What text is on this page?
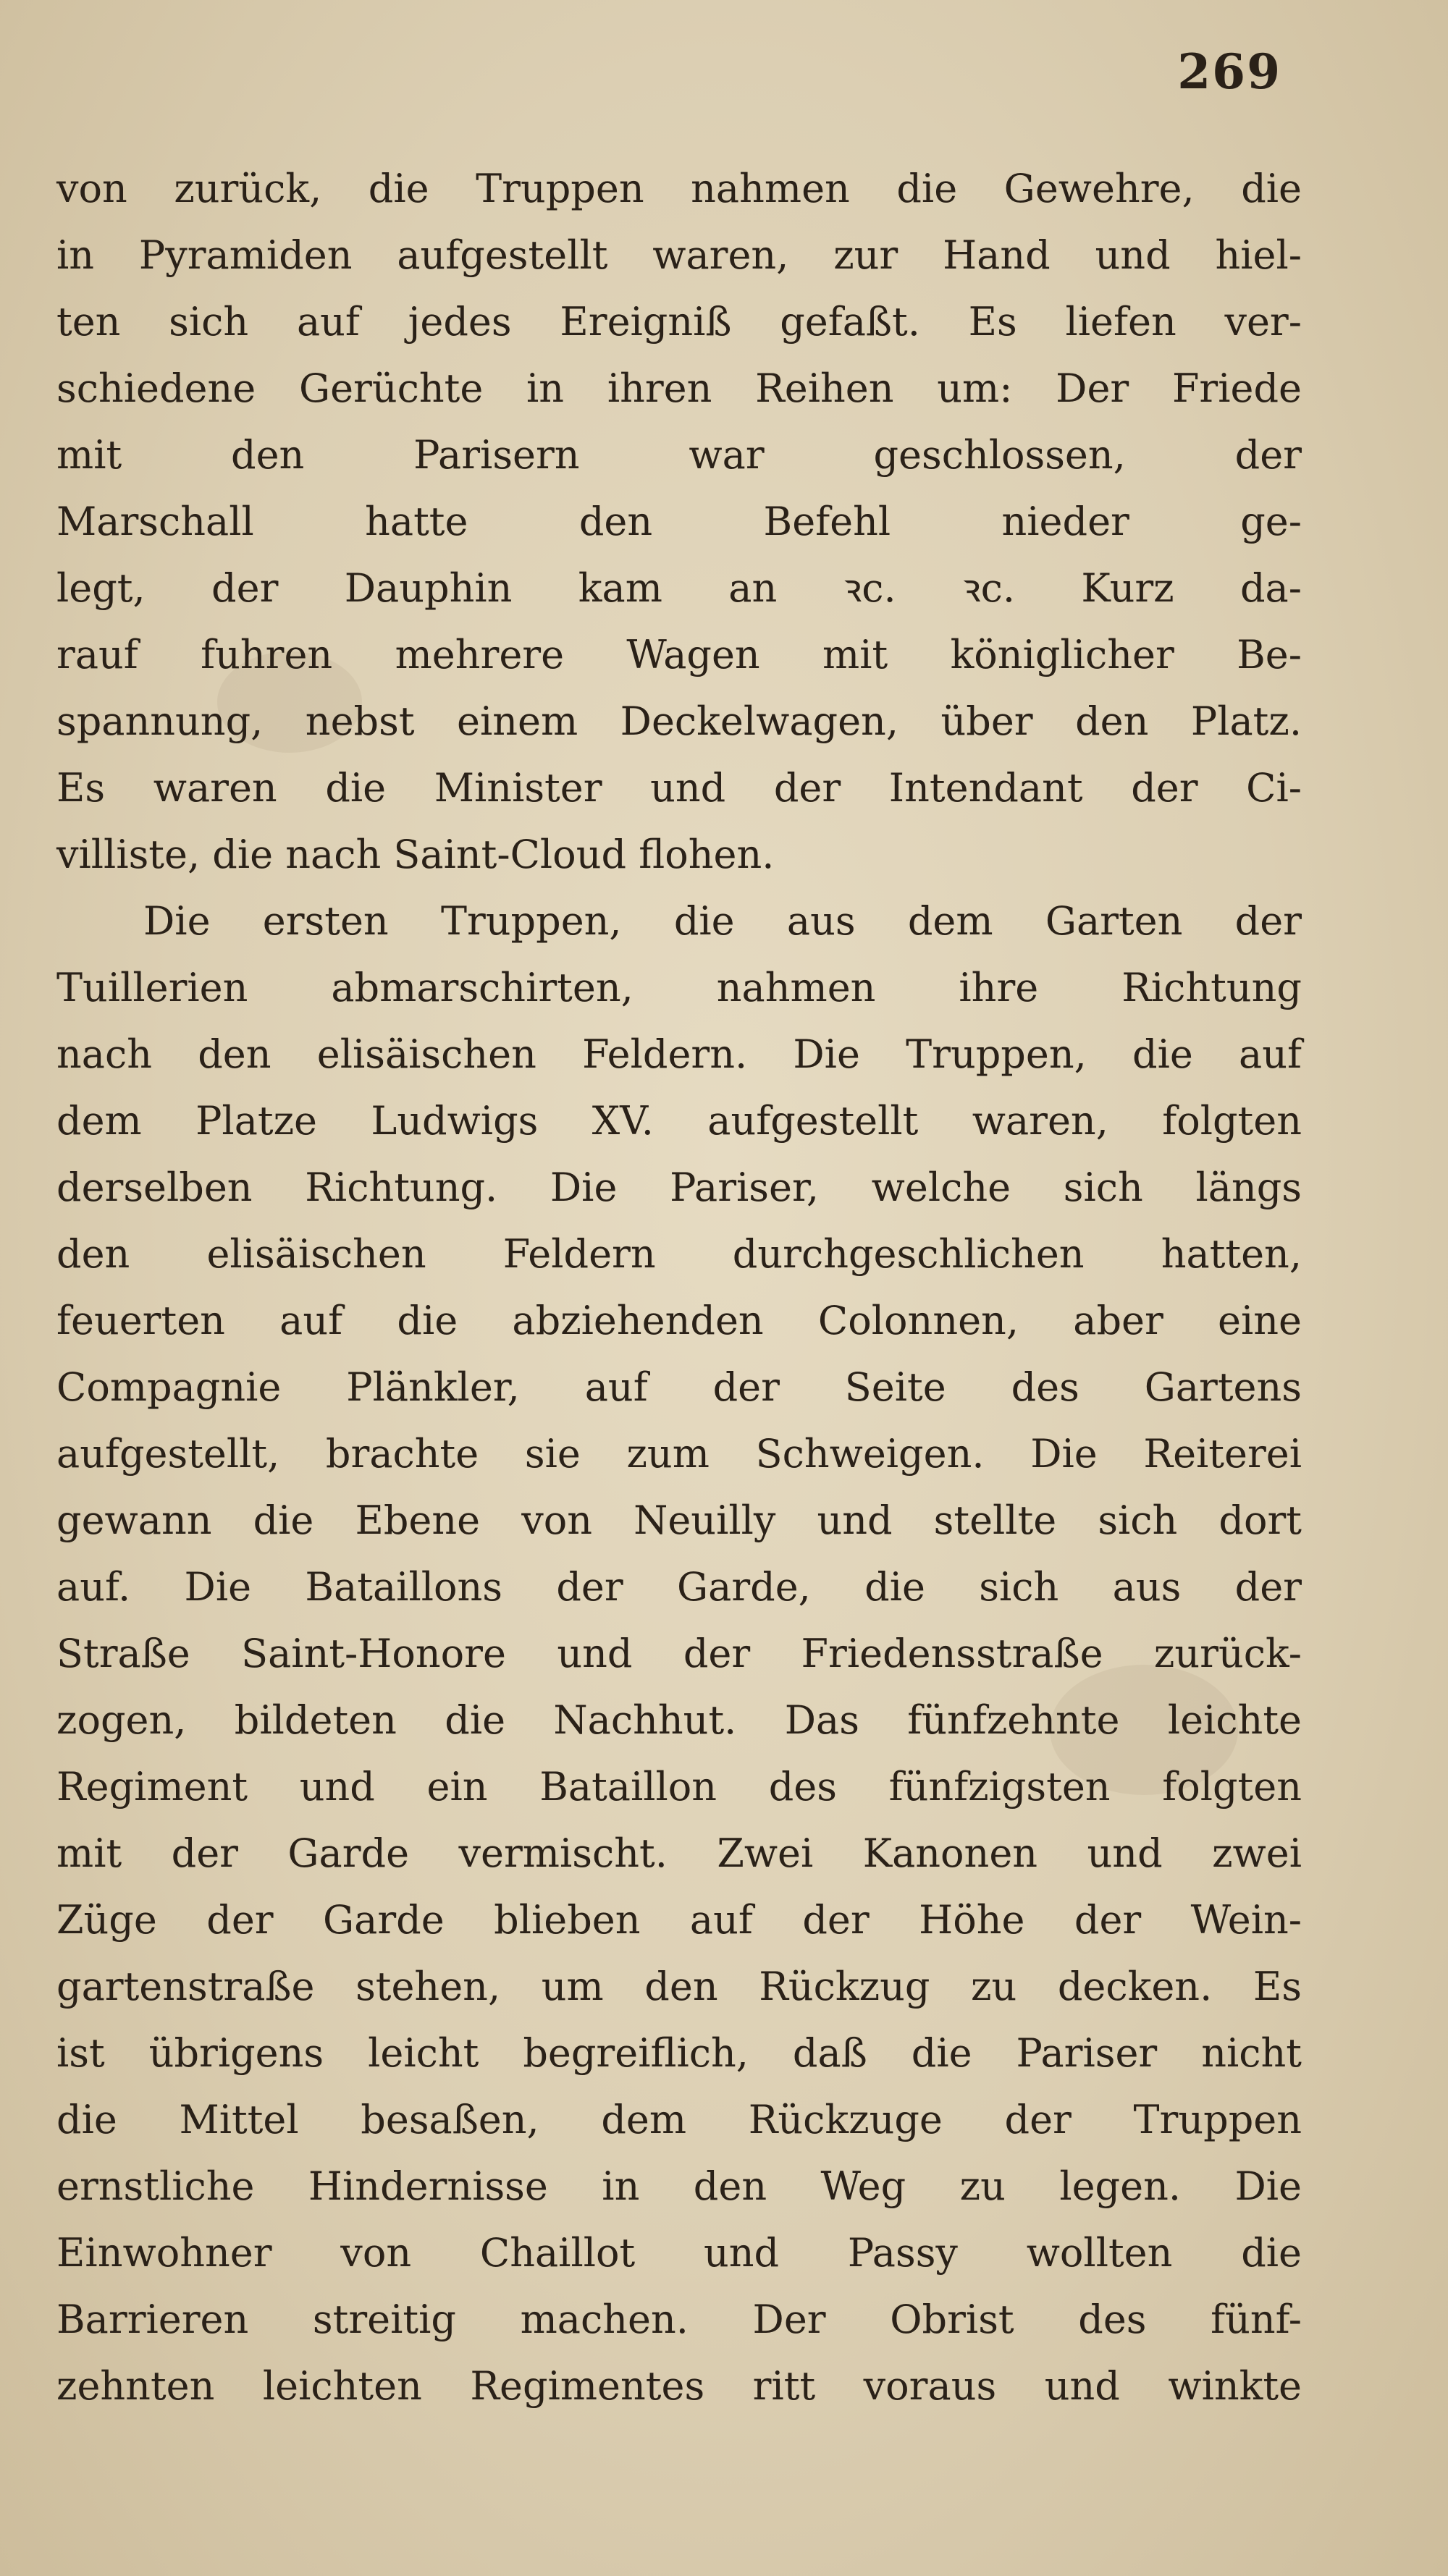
269
von zurück, die Truppen nahmen die Gewehre, die
in Pyramiden aufgestellt waren, zur Hand und hiel-
ten sich auf jedes Ereigniß gefaßt. Es liefen ver-
schiedene Gerüchte in ihren Reihen um: Der Friede
mit den Parisern war geschlossen, der
Marschall hatte den Befehl nieder ge-
legt, der Dauphin kam an ꝛc. ꝛc. Kurz da-
rauf fuhren mehrere Wagen mit königlicher Be-
spannung, nebst einem Deckelwagen, über den Platz.
Es waren die Minister und der Intendant der Ci-
villiste, die nach Saint-Cloud flohen.
Die ersten Truppen, die aus dem Garten der
Tuillerien abmarschirten, nahmen ihre Richtung
nach den elisäischen Feldern. Die Truppen, die auf
dem Platze Ludwigs XV. aufgestellt waren, folgten
derselben Richtung. Die Pariser, welche sich längs
den elisäischen Feldern durchgeschlichen hatten,
feuerten auf die abziehenden Colonnen, aber eine
Compagnie Plänkler, auf der Seite des Gartens
aufgestellt, brachte sie zum Schweigen. Die Reiterei
gewann die Ebene von Neuilly und stellte sich dort
auf. Die Bataillons der Garde, die sich aus der
Straße Saint-Honore und der Friedensstraße zurück-
zogen, bildeten die Nachhut. Das fünfzehnte leichte
Regiment und ein Bataillon des fünfzigsten folgten
mit der Garde vermischt. Zwei Kanonen und zwei
Züge der Garde blieben auf der Höhe der Wein-
gartenstraße stehen, um den Rückzug zu decken. Es
ist übrigens leicht begreiflich, daß die Pariser nicht
die Mittel besaßen, dem Rückzuge der Truppen
ernstliche Hindernisse in den Weg zu legen. Die
Einwohner von Chaillot und Passy wollten die
Barrieren streitig machen. Der Obrist des fünf-
zehnten leichten Regimentes ritt voraus und winkte
